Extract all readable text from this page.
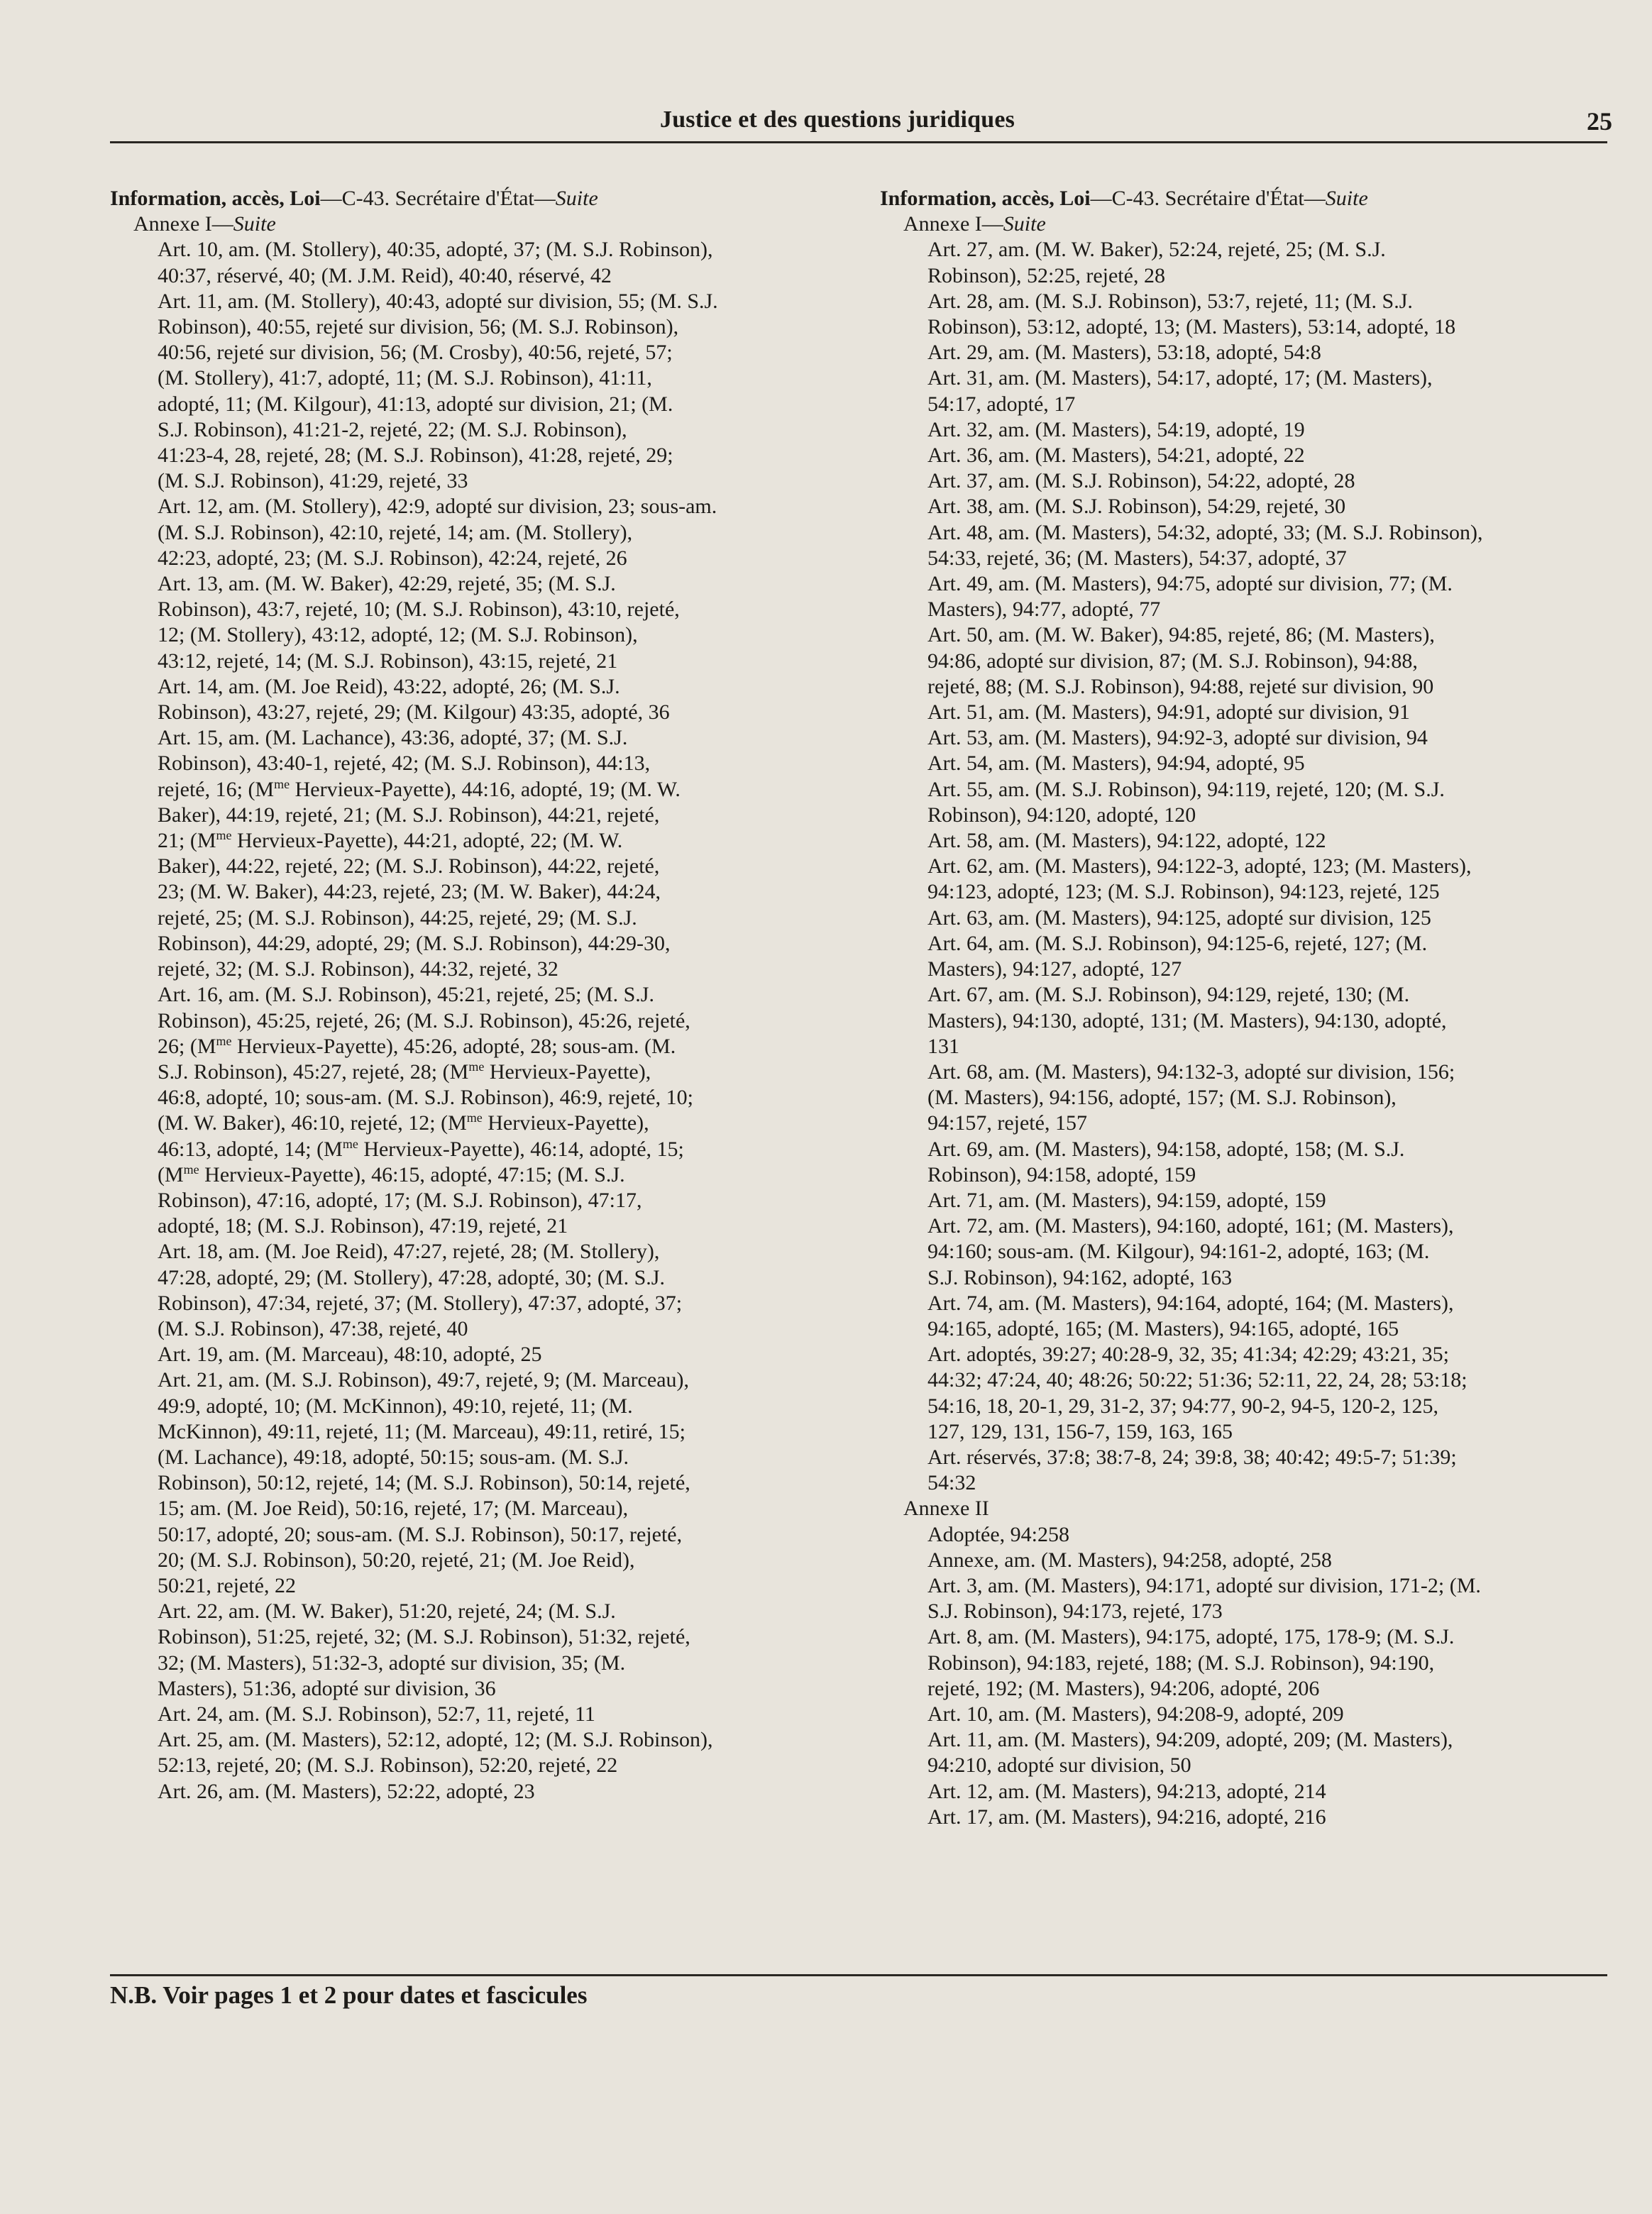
Justice et des questions juridiques	25
Information, accès, Loi—C-43. Secrétaire d'État—Suite
Annexe I—Suite
Art. 10, am. (M. Stollery), 40:35, adopté, 37; (M. S.J. Robinson),
40:37, réservé, 40; (M. J.M. Reid), 40:40, réservé, 42
Art. 11, am. (M. Stollery), 40:43, adopté sur division, 55; (M. S.J.
Robinson), 40:55, rejeté sur division, 56; (M. S.J. Robinson),
40:56, rejeté sur division, 56; (M. Crosby), 40:56, rejeté, 57;
(M. Stollery), 41:7, adopté, 11; (M. S.J. Robinson), 41:11,
adopté, 11; (M. Kilgour), 41:13, adopté sur division, 21; (M.
S.J. Robinson), 41:21-2, rejeté, 22; (M. S.J. Robinson),
41:23-4, 28, rejeté, 28; (M. S.J. Robinson), 41:28, rejeté, 29;
(M. S.J. Robinson), 41:29, rejeté, 33
Art. 12, am. (M. Stollery), 42:9, adopté sur division, 23; sous-am.
(M. S.J. Robinson), 42:10, rejeté, 14; am. (M. Stollery),
42:23, adopté, 23; (M. S.J. Robinson), 42:24, rejeté, 26
Art. 13, am. (M. W. Baker), 42:29, rejeté, 35; (M. S.J.
Robinson), 43:7, rejeté, 10; (M. S.J. Robinson), 43:10, rejeté,
12; (M. Stollery), 43:12, adopté, 12; (M. S.J. Robinson),
43:12, rejeté, 14; (M. S.J. Robinson), 43:15, rejeté, 21
Art. 14, am. (M. Joe Reid), 43:22, adopté, 26; (M. S.J.
Robinson), 43:27, rejeté, 29; (M. Kilgour) 43:35, adopté, 36
Art. 15, am. (M. Lachance), 43:36, adopté, 37; (M. S.J.
Robinson), 43:40-1, rejeté, 42; (M. S.J. Robinson), 44:13,
rejeté, 16; ($M^{me}$ Hervieux-Payette), 44:16, adopté, 19; (M. W.
Baker), 44:19, rejeté, 21; (M. S.J. Robinson), 44:21, rejeté,
21; ($M^{me}$ Hervieux-Payette), 44:21, adopté, 22; (M. W.
Baker), 44:22, rejeté, 22; (M. S.J. Robinson), 44:22, rejeté,
23; (M. W. Baker), 44:23, rejeté, 23; (M. W. Baker), 44:24,
rejeté, 25; (M. S.J. Robinson), 44:25, rejeté, 29; (M. S.J.
Robinson), 44:29, adopté, 29; (M. S.J. Robinson), 44:29-30,
rejeté, 32; (M. S.J. Robinson), 44:32, rejeté, 32
Art. 16, am. (M. S.J. Robinson), 45:21, rejeté, 25; (M. S.J.
Robinson), 45:25, rejeté, 26; (M. S.J. Robinson), 45:26, rejeté,
26; ($M^{me}$ Hervieux-Payette), 45:26, adopté, 28; sous-am. (M.
S.J. Robinson), 45:27, rejeté, 28; ($M^{me}$ Hervieux-Payette),
46:8, adopté, 10; sous-am. (M. S.J. Robinson), 46:9, rejeté, 10;
(M. W. Baker), 46:10, rejeté, 12; ($M^{me}$ Hervieux-Payette),
46:13, adopté, 14; ($M^{me}$ Hervieux-Payette), 46:14, adopté, 15;
($M^{me}$ Hervieux-Payette), 46:15, adopté, 47:15; (M. S.J.
Robinson), 47:16, adopté, 17; (M. S.J. Robinson), 47:17,
adopté, 18; (M. S.J. Robinson), 47:19, rejeté, 21
Art. 18, am. (M. Joe Reid), 47:27, rejeté, 28; (M. Stollery),
47:28, adopté, 29; (M. Stollery), 47:28, adopté, 30; (M. S.J.
Robinson), 47:34, rejeté, 37; (M. Stollery), 47:37, adopté, 37;
(M. S.J. Robinson), 47:38, rejeté, 40
Art. 19, am. (M. Marceau), 48:10, adopté, 25
Art. 21, am. (M. S.J. Robinson), 49:7, rejeté, 9; (M. Marceau),
49:9, adopté, 10; (M. McKinnon), 49:10, rejeté, 11; (M.
McKinnon), 49:11, rejeté, 11; (M. Marceau), 49:11, retiré, 15;
(M. Lachance), 49:18, adopté, 50:15; sous-am. (M. S.J.
Robinson), 50:12, rejeté, 14; (M. S.J. Robinson), 50:14, rejeté,
15; am. (M. Joe Reid), 50:16, rejeté, 17; (M. Marceau),
50:17, adopté, 20; sous-am. (M. S.J. Robinson), 50:17, rejeté,
20; (M. S.J. Robinson), 50:20, rejeté, 21; (M. Joe Reid),
50:21, rejeté, 22
Art. 22, am. (M. W. Baker), 51:20, rejeté, 24; (M. S.J.
Robinson), 51:25, rejeté, 32; (M. S.J. Robinson), 51:32, rejeté,
32; (M. Masters), 51:32-3, adopté sur division, 35; (M.
Masters), 51:36, adopté sur division, 36
Art. 24, am. (M. S.J. Robinson), 52:7, 11, rejeté, 11
Art. 25, am. (M. Masters), 52:12, adopté, 12; (M. S.J. Robinson),
52:13, rejeté, 20; (M. S.J. Robinson), 52:20, rejeté, 22
Art. 26, am. (M. Masters), 52:22, adopté, 23
Information, accès, Loi—C-43. Secrétaire d'État—Suite
Annexe I—Suite
Art. 27, am. (M. W. Baker), 52:24, rejeté, 25; (M. S.J.
Robinson), 52:25, rejeté, 28
Art. 28, am. (M. S.J. Robinson), 53:7, rejeté, 11; (M. S.J.
Robinson), 53:12, adopté, 13; (M. Masters), 53:14, adopté, 18
Art. 29, am. (M. Masters), 53:18, adopté, 54:8
Art. 31, am. (M. Masters), 54:17, adopté, 17; (M. Masters),
54:17, adopté, 17
Art. 32, am. (M. Masters), 54:19, adopté, 19
Art. 36, am. (M. Masters), 54:21, adopté, 22
Art. 37, am. (M. S.J. Robinson), 54:22, adopté, 28
Art. 38, am. (M. S.J. Robinson), 54:29, rejeté, 30
Art. 48, am. (M. Masters), 54:32, adopté, 33; (M. S.J. Robinson),
54:33, rejeté, 36; (M. Masters), 54:37, adopté, 37
Art. 49, am. (M. Masters), 94:75, adopté sur division, 77; (M.
Masters), 94:77, adopté, 77
Art. 50, am. (M. W. Baker), 94:85, rejeté, 86; (M. Masters),
94:86, adopté sur division, 87; (M. S.J. Robinson), 94:88,
rejeté, 88; (M. S.J. Robinson), 94:88, rejeté sur division, 90
Art. 51, am. (M. Masters), 94:91, adopté sur division, 91
Art. 53, am. (M. Masters), 94:92-3, adopté sur division, 94
Art. 54, am. (M. Masters), 94:94, adopté, 95
Art. 55, am. (M. S.J. Robinson), 94:119, rejeté, 120; (M. S.J.
Robinson), 94:120, adopté, 120
Art. 58, am. (M. Masters), 94:122, adopté, 122
Art. 62, am. (M. Masters), 94:122-3, adopté, 123; (M. Masters),
94:123, adopté, 123; (M. S.J. Robinson), 94:123, rejeté, 125
Art. 63, am. (M. Masters), 94:125, adopté sur division, 125
Art. 64, am. (M. S.J. Robinson), 94:125-6, rejeté, 127; (M.
Masters), 94:127, adopté, 127
Art. 67, am. (M. S.J. Robinson), 94:129, rejeté, 130; (M.
Masters), 94:130, adopté, 131; (M. Masters), 94:130, adopté,
131
Art. 68, am. (M. Masters), 94:132-3, adopté sur division, 156;
(M. Masters), 94:156, adopté, 157; (M. S.J. Robinson),
94:157, rejeté, 157
Art. 69, am. (M. Masters), 94:158, adopté, 158; (M. S.J.
Robinson), 94:158, adopté, 159
Art. 71, am. (M. Masters), 94:159, adopté, 159
Art. 72, am. (M. Masters), 94:160, adopté, 161; (M. Masters),
94:160; sous-am. (M. Kilgour), 94:161-2, adopté, 163; (M.
S.J. Robinson), 94:162, adopté, 163
Art. 74, am. (M. Masters), 94:164, adopté, 164; (M. Masters),
94:165, adopté, 165; (M. Masters), 94:165, adopté, 165
Art. adoptés, 39:27; 40:28-9, 32, 35; 41:34; 42:29; 43:21, 35;
44:32; 47:24, 40; 48:26; 50:22; 51:36; 52:11, 22, 24, 28; 53:18;
54:16, 18, 20-1, 29, 31-2, 37; 94:77, 90-2, 94-5, 120-2, 125,
127, 129, 131, 156-7, 159, 163, 165
Art. réservés, 37:8; 38:7-8, 24; 39:8, 38; 40:42; 49:5-7; 51:39;
54:32
Annexe II
Adoptée, 94:258
Annexe, am. (M. Masters), 94:258, adopté, 258
Art. 3, am. (M. Masters), 94:171, adopté sur division, 171-2; (M.
S.J. Robinson), 94:173, rejeté, 173
Art. 8, am. (M. Masters), 94:175, adopté, 175, 178-9; (M. S.J.
Robinson), 94:183, rejeté, 188; (M. S.J. Robinson), 94:190,
rejeté, 192; (M. Masters), 94:206, adopté, 206
Art. 10, am. (M. Masters), 94:208-9, adopté, 209
Art. 11, am. (M. Masters), 94:209, adopté, 209; (M. Masters),
94:210, adopté sur division, 50
Art. 12, am. (M. Masters), 94:213, adopté, 214
Art. 17, am. (M. Masters), 94:216, adopté, 216
N.B. Voir pages 1 et 2 pour dates et fascicules
